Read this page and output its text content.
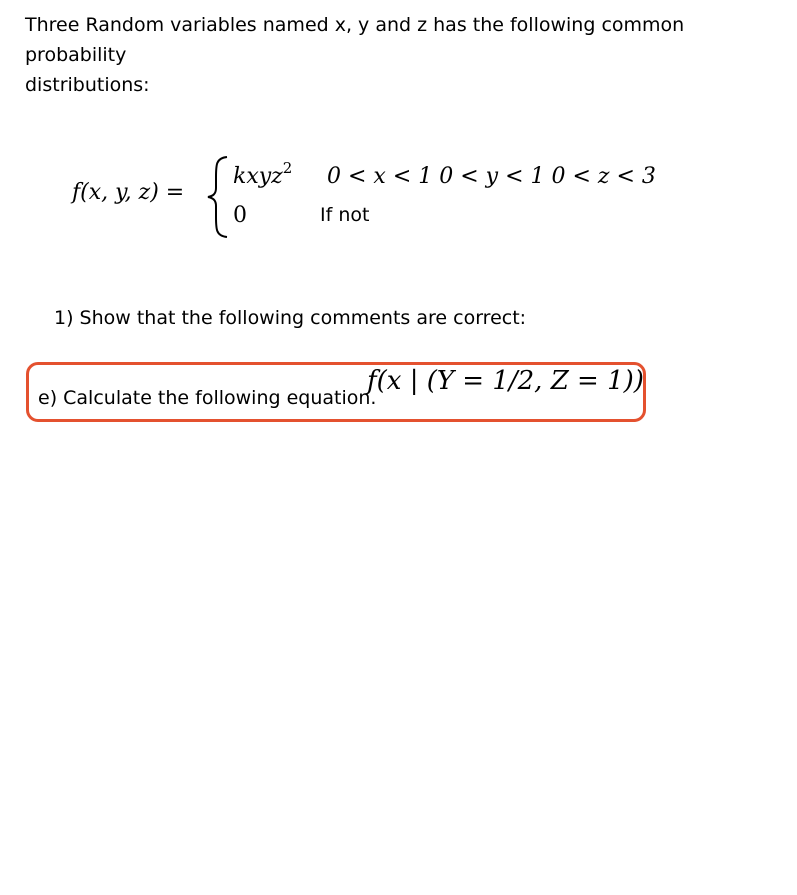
Three Random variables named x, y and z has the following common probability
distributions:
f(x, y, z) =
kxyz$^2$ 0 < x < 1 0 < y < 1 0 < z < 3
0	If not
1) Show that the following comments are correct:
e) Calculate the following equation.
f(x | (Y = 1/2, Z = 1))
